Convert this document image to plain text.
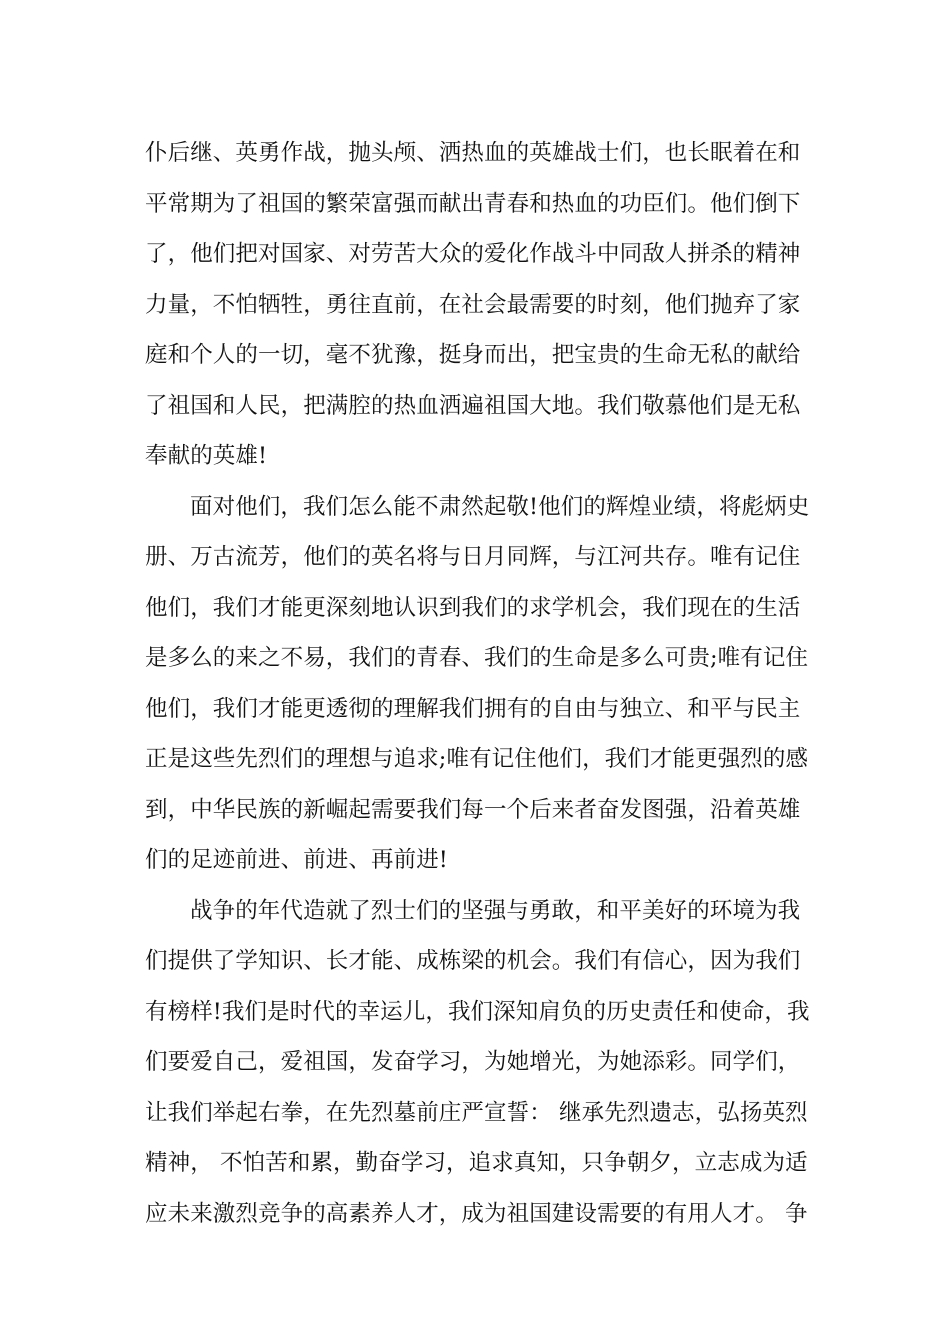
仆后继、英勇作战，抛头颅、洒热血的英雄战士们，也长眠着在和
平常期为了祖国的繁荣富强而献出青春和热血的功臣们。他们倒下
了，他们把对国家、对劳苦大众的爱化作战斗中同敌人拼杀的精神
力量，不怕牺牲，勇往直前，在社会最需要的时刻，他们抛弃了家
庭和个人的一切，毫不犹豫，挺身而出，把宝贵的生命无私的献给
了祖国和人民，把满腔的热血洒遍祖国大地。我们敬慕他们是无私
奉献的英雄!
面对他们，我们怎么能不肃然起敬!他们的辉煌业绩，将彪炳史
册、万古流芳，他们的英名将与日月同辉，与江河共存。唯有记住
他们，我们才能更深刻地认识到我们的求学机会，我们现在的生活
是多么的来之不易，我们的青春、我们的生命是多么可贵;唯有记住
他们，我们才能更透彻的理解我们拥有的自由与独立、和平与民主
正是这些先烈们的理想与追求;唯有记住他们，我们才能更强烈的感
到，中华民族的新崛起需要我们每一个后来者奋发图强，沿着英雄
们的足迹前进、前进、再前进!
战争的年代造就了烈士们的坚强与勇敢，和平美好的环境为我
们提供了学知识、长才能、成栋梁的机会。我们有信心，因为我们
有榜样!我们是时代的幸运儿，我们深知肩负的历史责任和使命，我
们要爱自己，爱祖国，发奋学习，为她增光，为她添彩。同学们，
让我们举起右拳，在先烈墓前庄严宣誓： 继承先烈遗志，弘扬英烈
精神， 不怕苦和累，勤奋学习，追求真知，只争朝夕，立志成为适
应未来激烈竞争的高素养人才，成为祖国建设需要的有用人才。 争
